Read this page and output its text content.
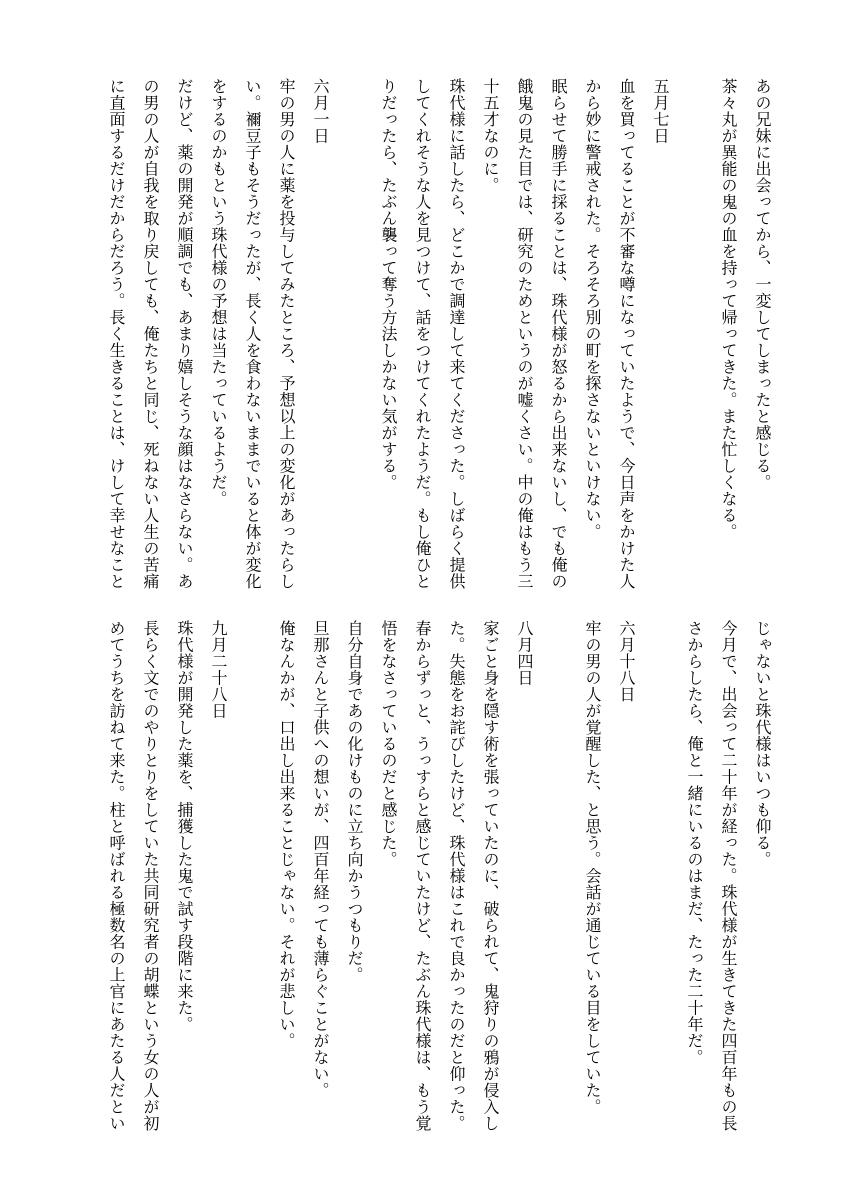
あの兄妹に出会ってから、一変してしまったと感じる。
茶々丸が異能の鬼の血を持って帰ってきた。また忙しくなる。

五月七日
血を買ってることが不審な噂になっていたようで、今日声をかけた人
から妙に警戒された。そろそろ別の町を探さないといけない。
眠らせて勝手に採ることは、珠代様が怒るから出来ないし、でも俺の
餓鬼の見た目では、研究のためというのが嘘くさい。中の俺はもう三
十五才なのに。
珠代様に話したら、どこかで調達して来てくださった。しばらく提供
してくれそうな人を見つけて、話をつけてくれたようだ。もし俺ひと
りだったら、たぶん襲って奪う方法しかない気がする。

六月一日
牢の男の人に薬を投与してみたところ、予想以上の変化があったらし
い。禰豆子もそうだったが、長く人を食わないままでいると体が変化
をするのかもという珠代様の予想は当たっているようだ。
だけど、薬の開発が順調でも、あまり嬉しそうな顔はなさらない。あ
の男の人が自我を取り戻しても、俺たちと同じ、死ねない人生の苦痛
に直面するだけだからだろう。長く生きることは、けして幸せなこと
じゃないと珠代様はいつも仰る。
今月で、出会って二十年が経った。珠代様が生きてきた四百年もの長
さからしたら、俺と一緒にいるのはまだ、たった二十年だ。

六月十八日
牢の男の人が覚醒した、と思う。会話が通じている目をしていた。

八月四日
家ごと身を隠す術を張っていたのに、破られて、鬼狩りの鴉が侵入し
た。失態をお詫びしたけど、珠代様はこれで良かったのだと仰った。
春からずっと、うっすらと感じていたけど、たぶん珠代様は、もう覚
悟をなさっているのだと感じた。
自分自身であの化けものに立ち向かうつもりだ。
旦那さんと子供への想いが、四百年経っても薄らぐことがない。
俺なんかが、口出し出来ることじゃない。それが悲しい。

九月二十八日
珠代様が開発した薬を、捕獲した鬼で試す段階に来た。
長らく文でのやりとりをしていた共同研究者の胡蝶という女の人が初
めてうちを訪ねて来た。柱と呼ばれる極数名の上官にあたる人だとい
